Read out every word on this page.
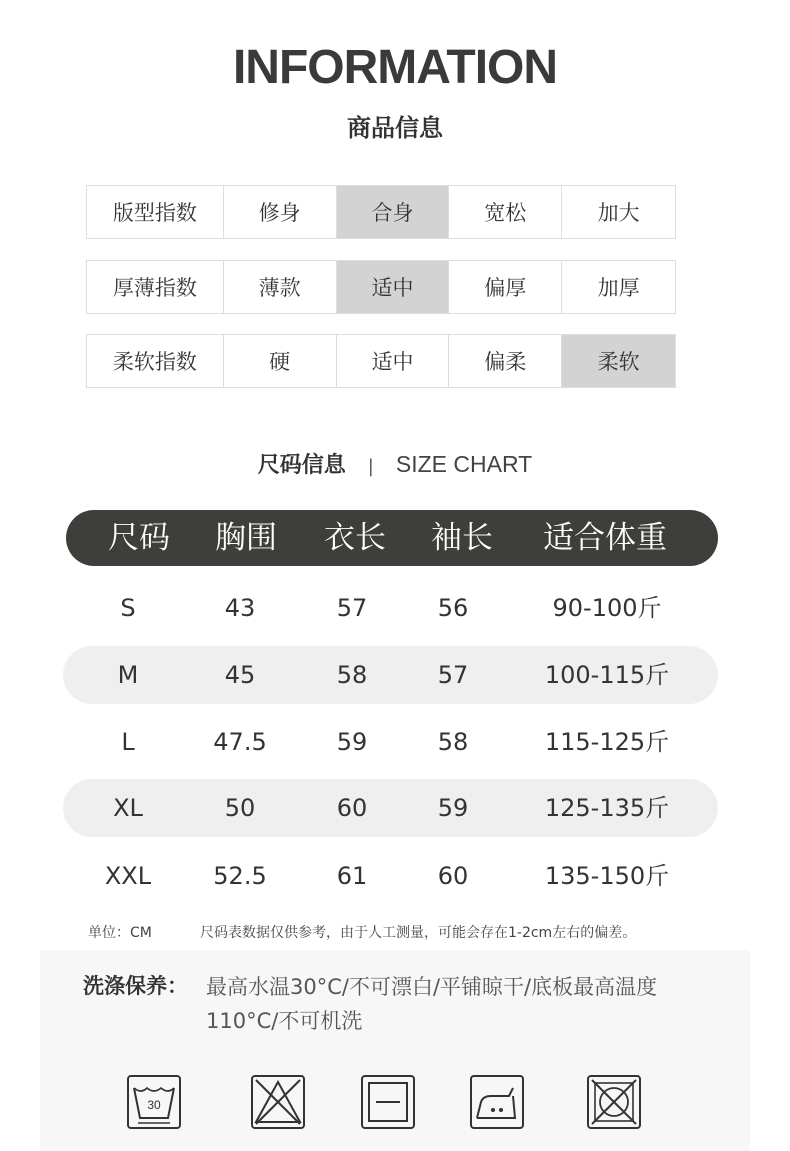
INFORMATION
商品信息
版型指数	修身	合身	宽松	加大
厚薄指数	薄款	适中	偏厚	加厚
柔软指数	硬	适中	偏柔	柔软
尺码信息 | SIZE CHART
尺码 胸围 衣长 袖长 适合体重
S	43	57	56	90-100斤
M	45	58	57	100-115斤
L	47.5	59	58	115-125斤
XL	50	60	59	125-135斤
XXL	52.5	61	60	135-150斤
单位：CM	尺码表数据仅供参考，由于人工测量，可能会存在1-2cm左右的偏差。
洗涤保养： 最高水温30°C/不可漂白/平铺晾干/底板最高温度110°C/不可机洗
30
